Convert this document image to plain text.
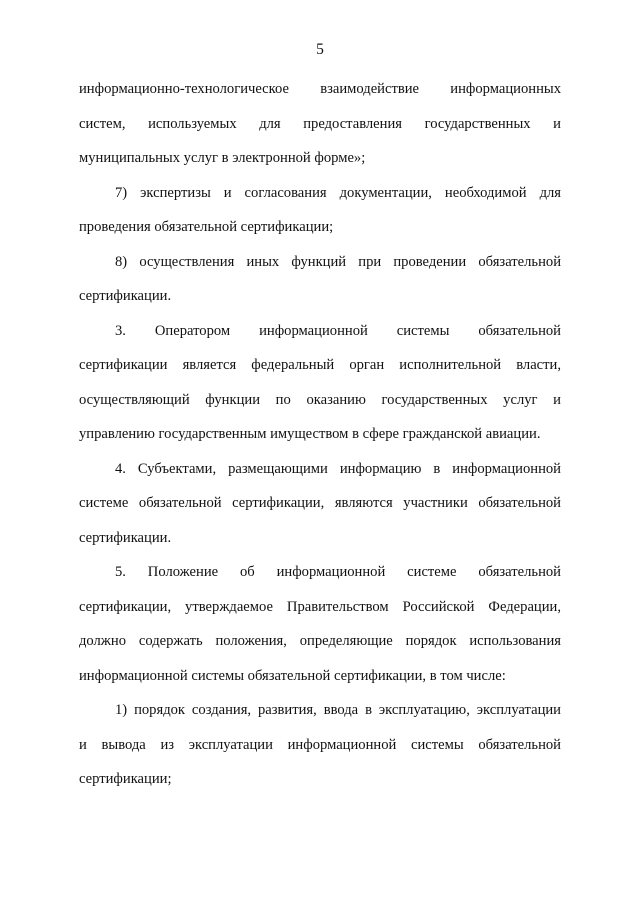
5
информационно-технологическое взаимодействие информационных
систем, используемых для предоставления государственных и
муниципальных услуг в электронной форме»;
7) экспертизы и согласования документации, необходимой для
проведения обязательной сертификации;
8) осуществления иных функций при проведении обязательной
сертификации.
3. Оператором информационной системы обязательной
сертификации является федеральный орган исполнительной власти,
осуществляющий функции по оказанию государственных услуг и
управлению государственным имуществом в сфере гражданской авиации.
4. Субъектами, размещающими информацию в информационной
системе обязательной сертификации, являются участники обязательной
сертификации.
5. Положение об информационной системе обязательной
сертификации, утверждаемое Правительством Российской Федерации,
должно содержать положения, определяющие порядок использования
информационной системы обязательной сертификации, в том числе:
1) порядок создания, развития, ввода в эксплуатацию, эксплуатации
и вывода из эксплуатации информационной системы обязательной
сертификации;
